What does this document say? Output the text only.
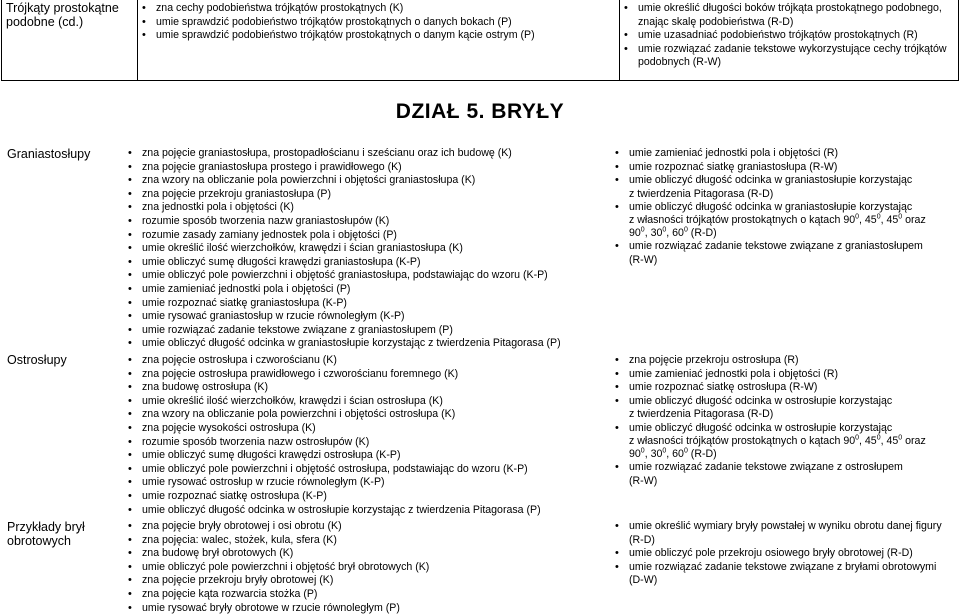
Trójkąty prostokątne podobne (cd.)
• zna cechy podobieństwa trójkątów prostokątnych (K)
• umie sprawdzić podobieństwo trójkątów prostokątnych o danych bokach (P)
• umie sprawdzić podobieństwo trójkątów prostokątnych o danym kącie ostrym (P)
• umie określić długości boków trójkąta prostokątnego podobnego, znając skalę podobieństwa (R-D)
• umie uzasadniać podobieństwo trójkątów prostokątnych (R)
• umie rozwiązać zadanie tekstowe wykorzystujące cechy trójkątów podobnych (R-W)
DZIAŁ 5. BRYŁY
Graniastosłupy	• zna pojęcie graniastosłupa, prostopadłościanu i sześcianu oraz ich budowę (K)
• zna pojęcie graniastosłupa prostego i prawidłowego (K)
• zna wzory na obliczanie pola powierzchni i objętości graniastosłupa (K)
• zna pojęcie przekroju graniastosłupa (P)
• zna jednostki pola i objętości (K)
• rozumie sposób tworzenia nazw graniastosłupów (K)
• rozumie zasady zamiany jednostek pola i objętości (P)
• umie określić ilość wierzchołków, krawędzi i ścian graniastosłupa (K)
• umie obliczyć sumę długości krawędzi graniastosłupa (K-P)
• umie obliczyć pole powierzchni i objętość graniastosłupa, podstawiając do wzoru (K-P)
• umie zamieniać jednostki pola i objętości (P)
• umie rozpoznać siatkę graniastosłupa (K-P)
• umie rysować graniastosłup w rzucie równoległym (K-P)
• umie rozwiązać zadanie tekstowe związane z graniastosłupem (P)
• umie obliczyć długość odcinka w graniastosłupie korzystając z twierdzenia Pitagorasa (P)
• umie zamieniać jednostki pola i objętości (R)
• umie rozpoznać siatkę graniastosłupa (R-W)
• umie obliczyć długość odcinka w graniastosłupie korzystając
z twierdzenia Pitagorasa (R-D)
• umie obliczyć długość odcinka w graniastosłupie korzystając
z własności trójkątów prostokątnych o kątach $90^0$, $45^0$, $45^0$ oraz
$90^0$, $30^0$, $60^0$ (R-D)
• umie rozwiązać zadanie tekstowe związane z graniastosłupem
(R-W)
Ostrosłupy	• zna pojęcie ostrosłupa i czworościanu (K)
• zna pojęcie ostrosłupa prawidłowego i czworościanu foremnego (K)
• zna budowę ostrosłupa (K)
• umie określić ilość wierzchołków, krawędzi i ścian ostrosłupa (K)
• zna wzory na obliczanie pola powierzchni i objętości ostrosłupa (K)
• zna pojęcie wysokości ostrosłupa (K)
• rozumie sposób tworzenia nazw ostrosłupów (K)
• umie obliczyć sumę długości krawędzi ostrosłupa (K-P)
• umie obliczyć pole powierzchni i objętość ostrosłupa, podstawiając do wzoru (K-P)
• umie rysować ostrosłup w rzucie równoległym (K-P)
• umie rozpoznać siatkę ostrosłupa (K-P)
• umie obliczyć długość odcinka w ostrosłupie korzystając z twierdzenia Pitagorasa (P)
• zna pojęcie przekroju ostrosłupa (R)
• umie zamieniać jednostki pola i objętości (R)
• umie rozpoznać siatkę ostrosłupa (R-W)
• umie obliczyć długość odcinka w ostrosłupie korzystając
z twierdzenia Pitagorasa (R-D)
• umie obliczyć długość odcinka w ostrosłupie korzystając
z własności trójkątów prostokątnych o kątach $90^0$, $45^0$, $45^0$ oraz
$90^0$, $30^0$, $60^0$ (R-D)
• umie rozwiązać zadanie tekstowe związane z ostrosłupem
(R-W)
Przykłady brył obrotowych
• zna pojęcie bryły obrotowej i osi obrotu (K)
• zna pojęcia: walec, stożek, kula, sfera (K)
• zna budowę brył obrotowych (K)
• umie obliczyć pole powierzchni i objętość brył obrotowych (K)
• zna pojęcie przekroju bryły obrotowej (K)
• zna pojęcie kąta rozwarcia stożka (P)
• umie rysować bryły obrotowe w rzucie równoległym (P)
• umie określić wymiary bryły powstałej w wyniku obrotu danej figury (R-D)
• umie obliczyć pole przekroju osiowego bryły obrotowej (R-D)
• umie rozwiązać zadanie tekstowe związane z bryłami obrotowymi (D-W)
